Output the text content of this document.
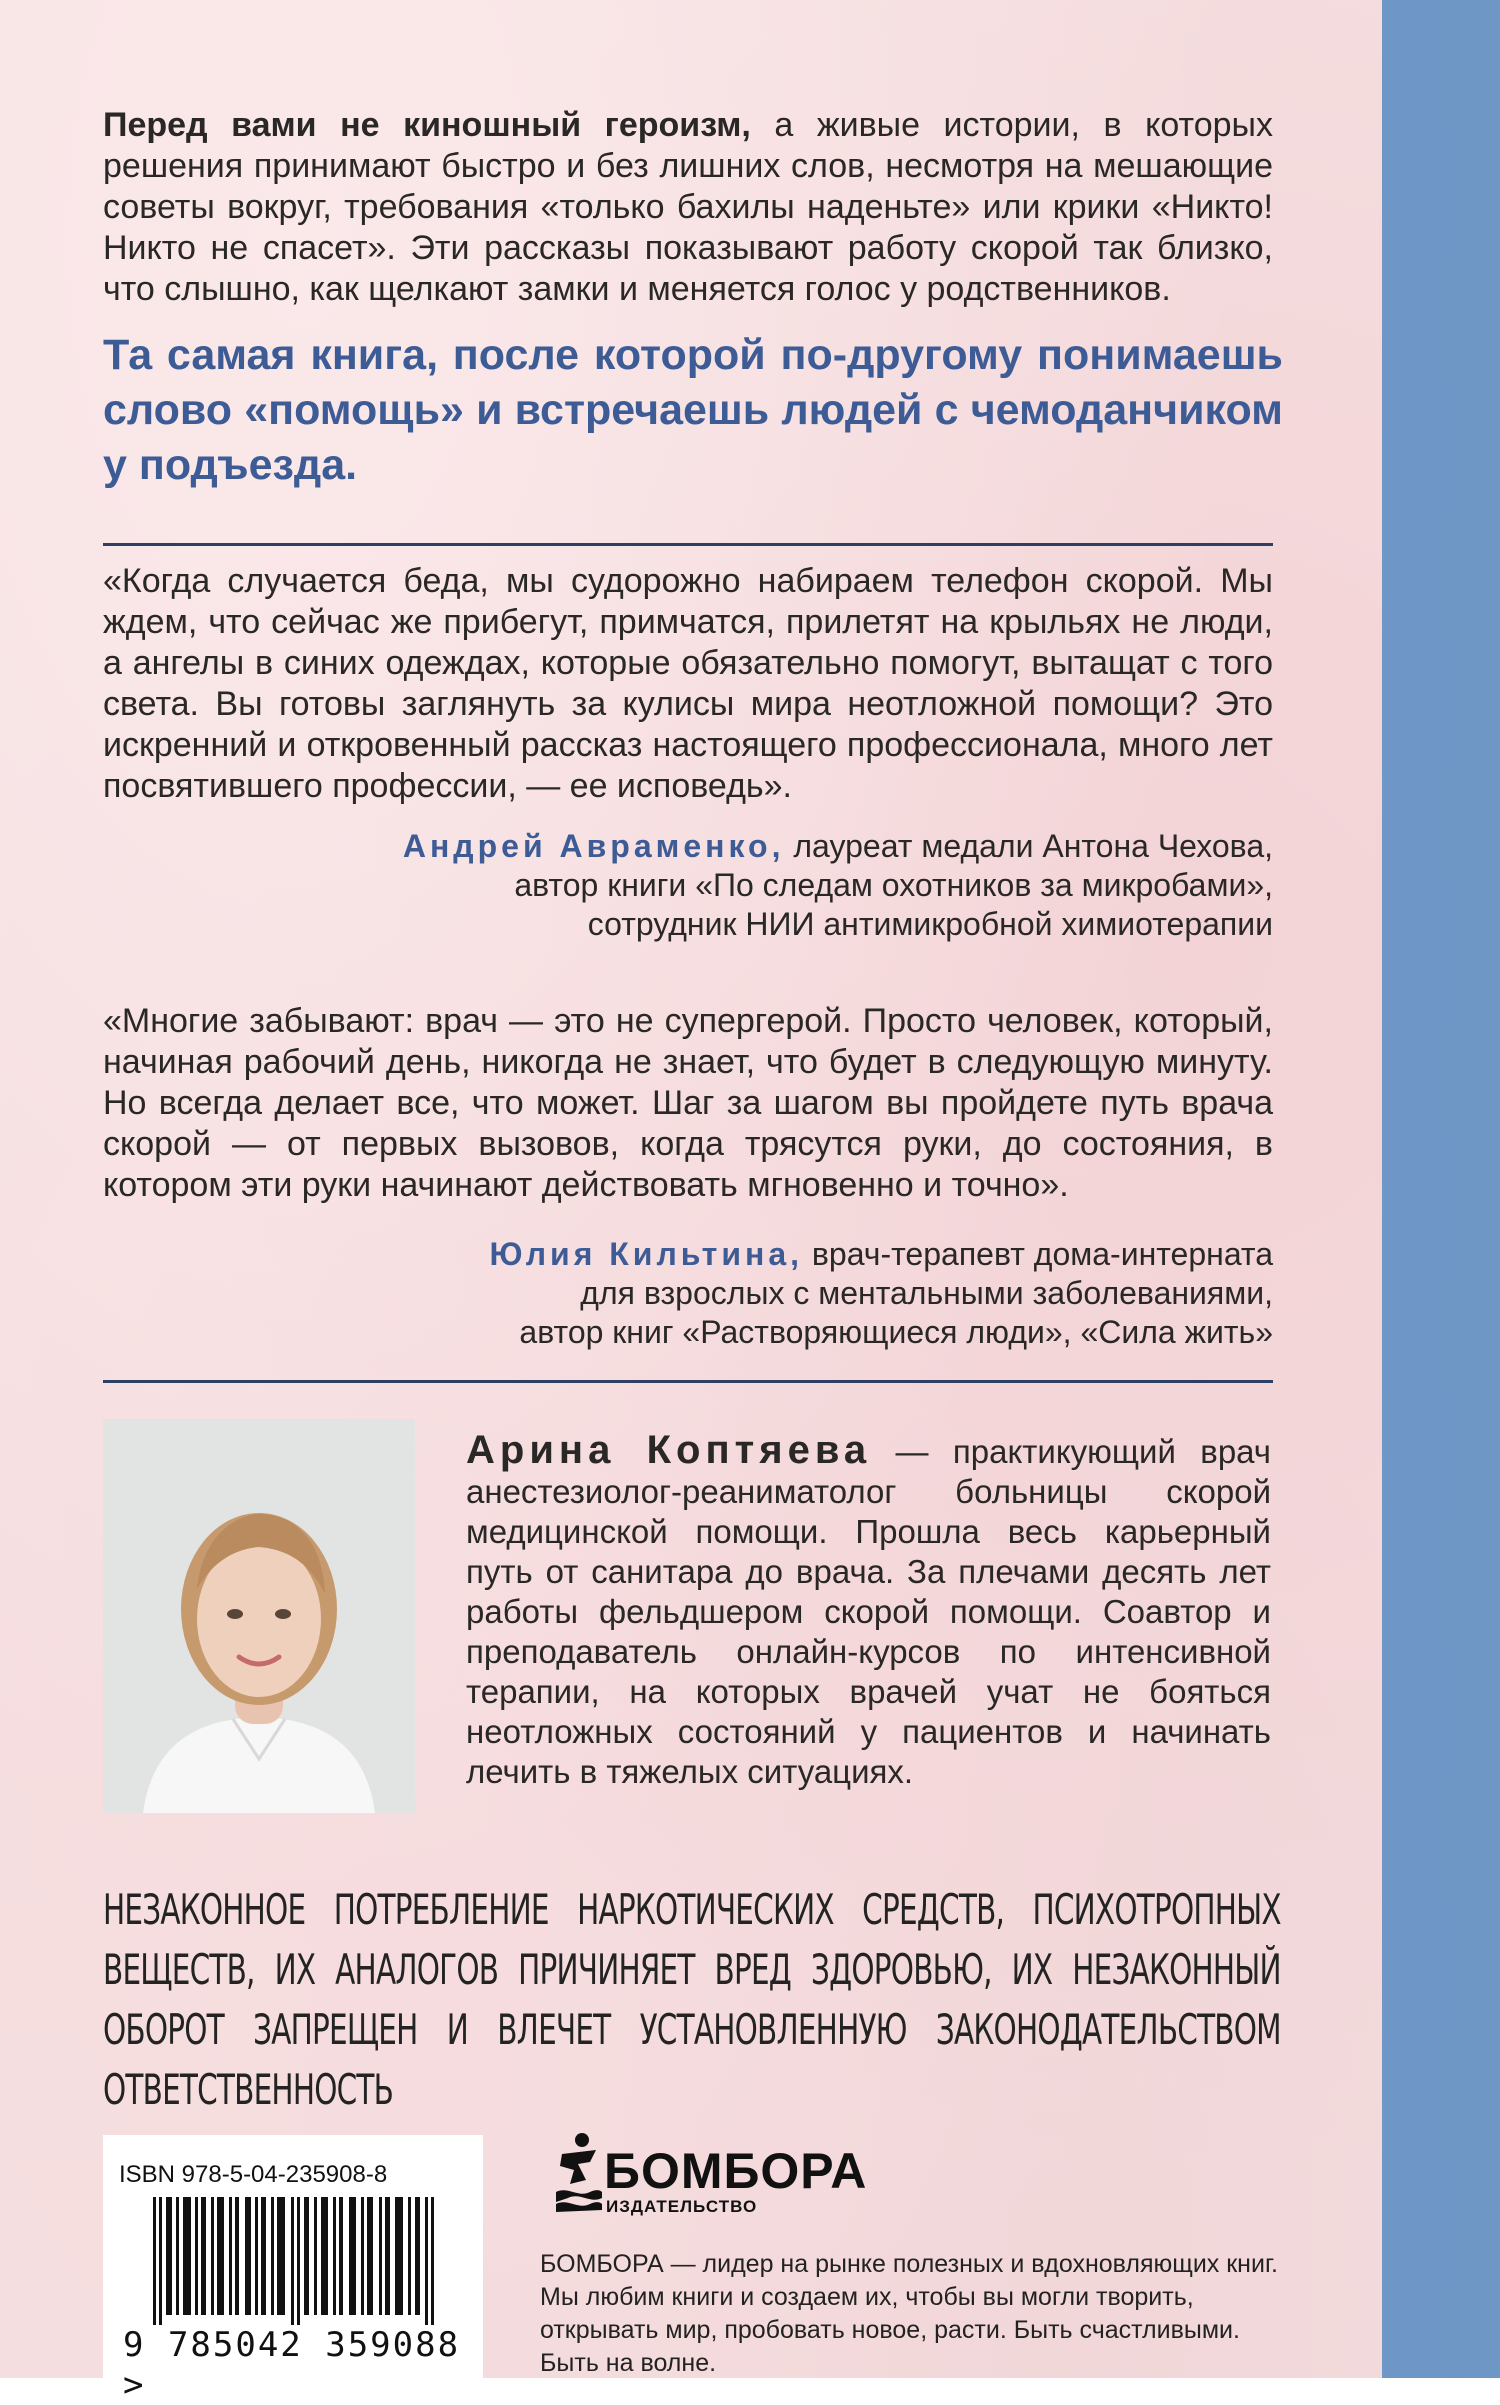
Перед вами не киношный героизм, а живые истории, в которых решения принимают быстро и без лишних слов, несмотря на мешающие советы вокруг, требования «только бахилы наденьте» или крики «Никто! Никто не спасет». Эти рассказы показывают работу скорой так близко, что слышно, как щелкают замки и меняется голос у родственников.
Та самая книга, после которой по-другому понимаешь слово «помощь» и встречаешь людей с чемоданчиком у подъезда.
«Когда случается беда, мы судорожно набираем телефон скорой. Мы ждем, что сейчас же прибегут, примчатся, прилетят на крыльях не люди, а ангелы в синих одеждах, которые обязательно помогут, вытащат с того света. Вы готовы заглянуть за кулисы мира неотложной помощи? Это искренний и откровенный рассказ настоящего профессионала, много лет посвятившего профессии, — ее исповедь».
Андрей Авраменко, лауреат медали Антона Чехова,
автор книги «По следам охотников за микробами»,
сотрудник НИИ антимикробной химиотерапии
«Многие забывают: врач — это не супергерой. Просто человек, который, начиная рабочий день, никогда не знает, что будет в следующую минуту. Но всегда делает все, что может. Шаг за шагом вы пройдете путь врача скорой — от первых вызовов, когда трясутся руки, до состояния, в котором эти руки начинают действовать мгновенно и точно».
Юлия Кильтина, врач-терапевт дома-интерната
для взрослых с ментальными заболеваниями,
автор книг «Растворяющиеся люди», «Сила жить»
Арина Коптяева — практикующий врач анестезиолог-реаниматолог больницы скорой медицинской помощи. Прошла весь карьерный путь от санитара до врача. За плечами десять лет работы фельдшером скорой помощи. Соавтор и преподаватель онлайн-курсов по интенсивной терапии, на которых врачей учат не бояться неотложных состояний у пациентов и начинать лечить в тяжелых ситуациях.
НЕЗАКОННОЕ ПОТРЕБЛЕНИЕ НАРКОТИЧЕСКИХ СРЕДСТВ, ПСИХОТРОПНЫХ ВЕЩЕСТВ, ИХ АНАЛОГОВ ПРИЧИНЯЕТ ВРЕД ЗДОРОВЬЮ, ИХ НЕЗАКОННЫЙ ОБОРОТ ЗАПРЕЩЕН И ВЛЕЧЕТ УСТАНОВЛЕННУЮ ЗАКОНОДАТЕЛЬСТВОМ ОТВЕТСТВЕННОСТЬ
ISBN 978-5-04-235908-8
9 785042 359088 >
БОМБОРА
ИЗДАТЕЛЬСТВО
БОМБОРА — лидер на рынке полезных и вдохновляющих книг. Мы любим книги и создаем их, чтобы вы могли творить, открывать мир, пробовать новое, расти. Быть счастливыми. Быть на волне.
